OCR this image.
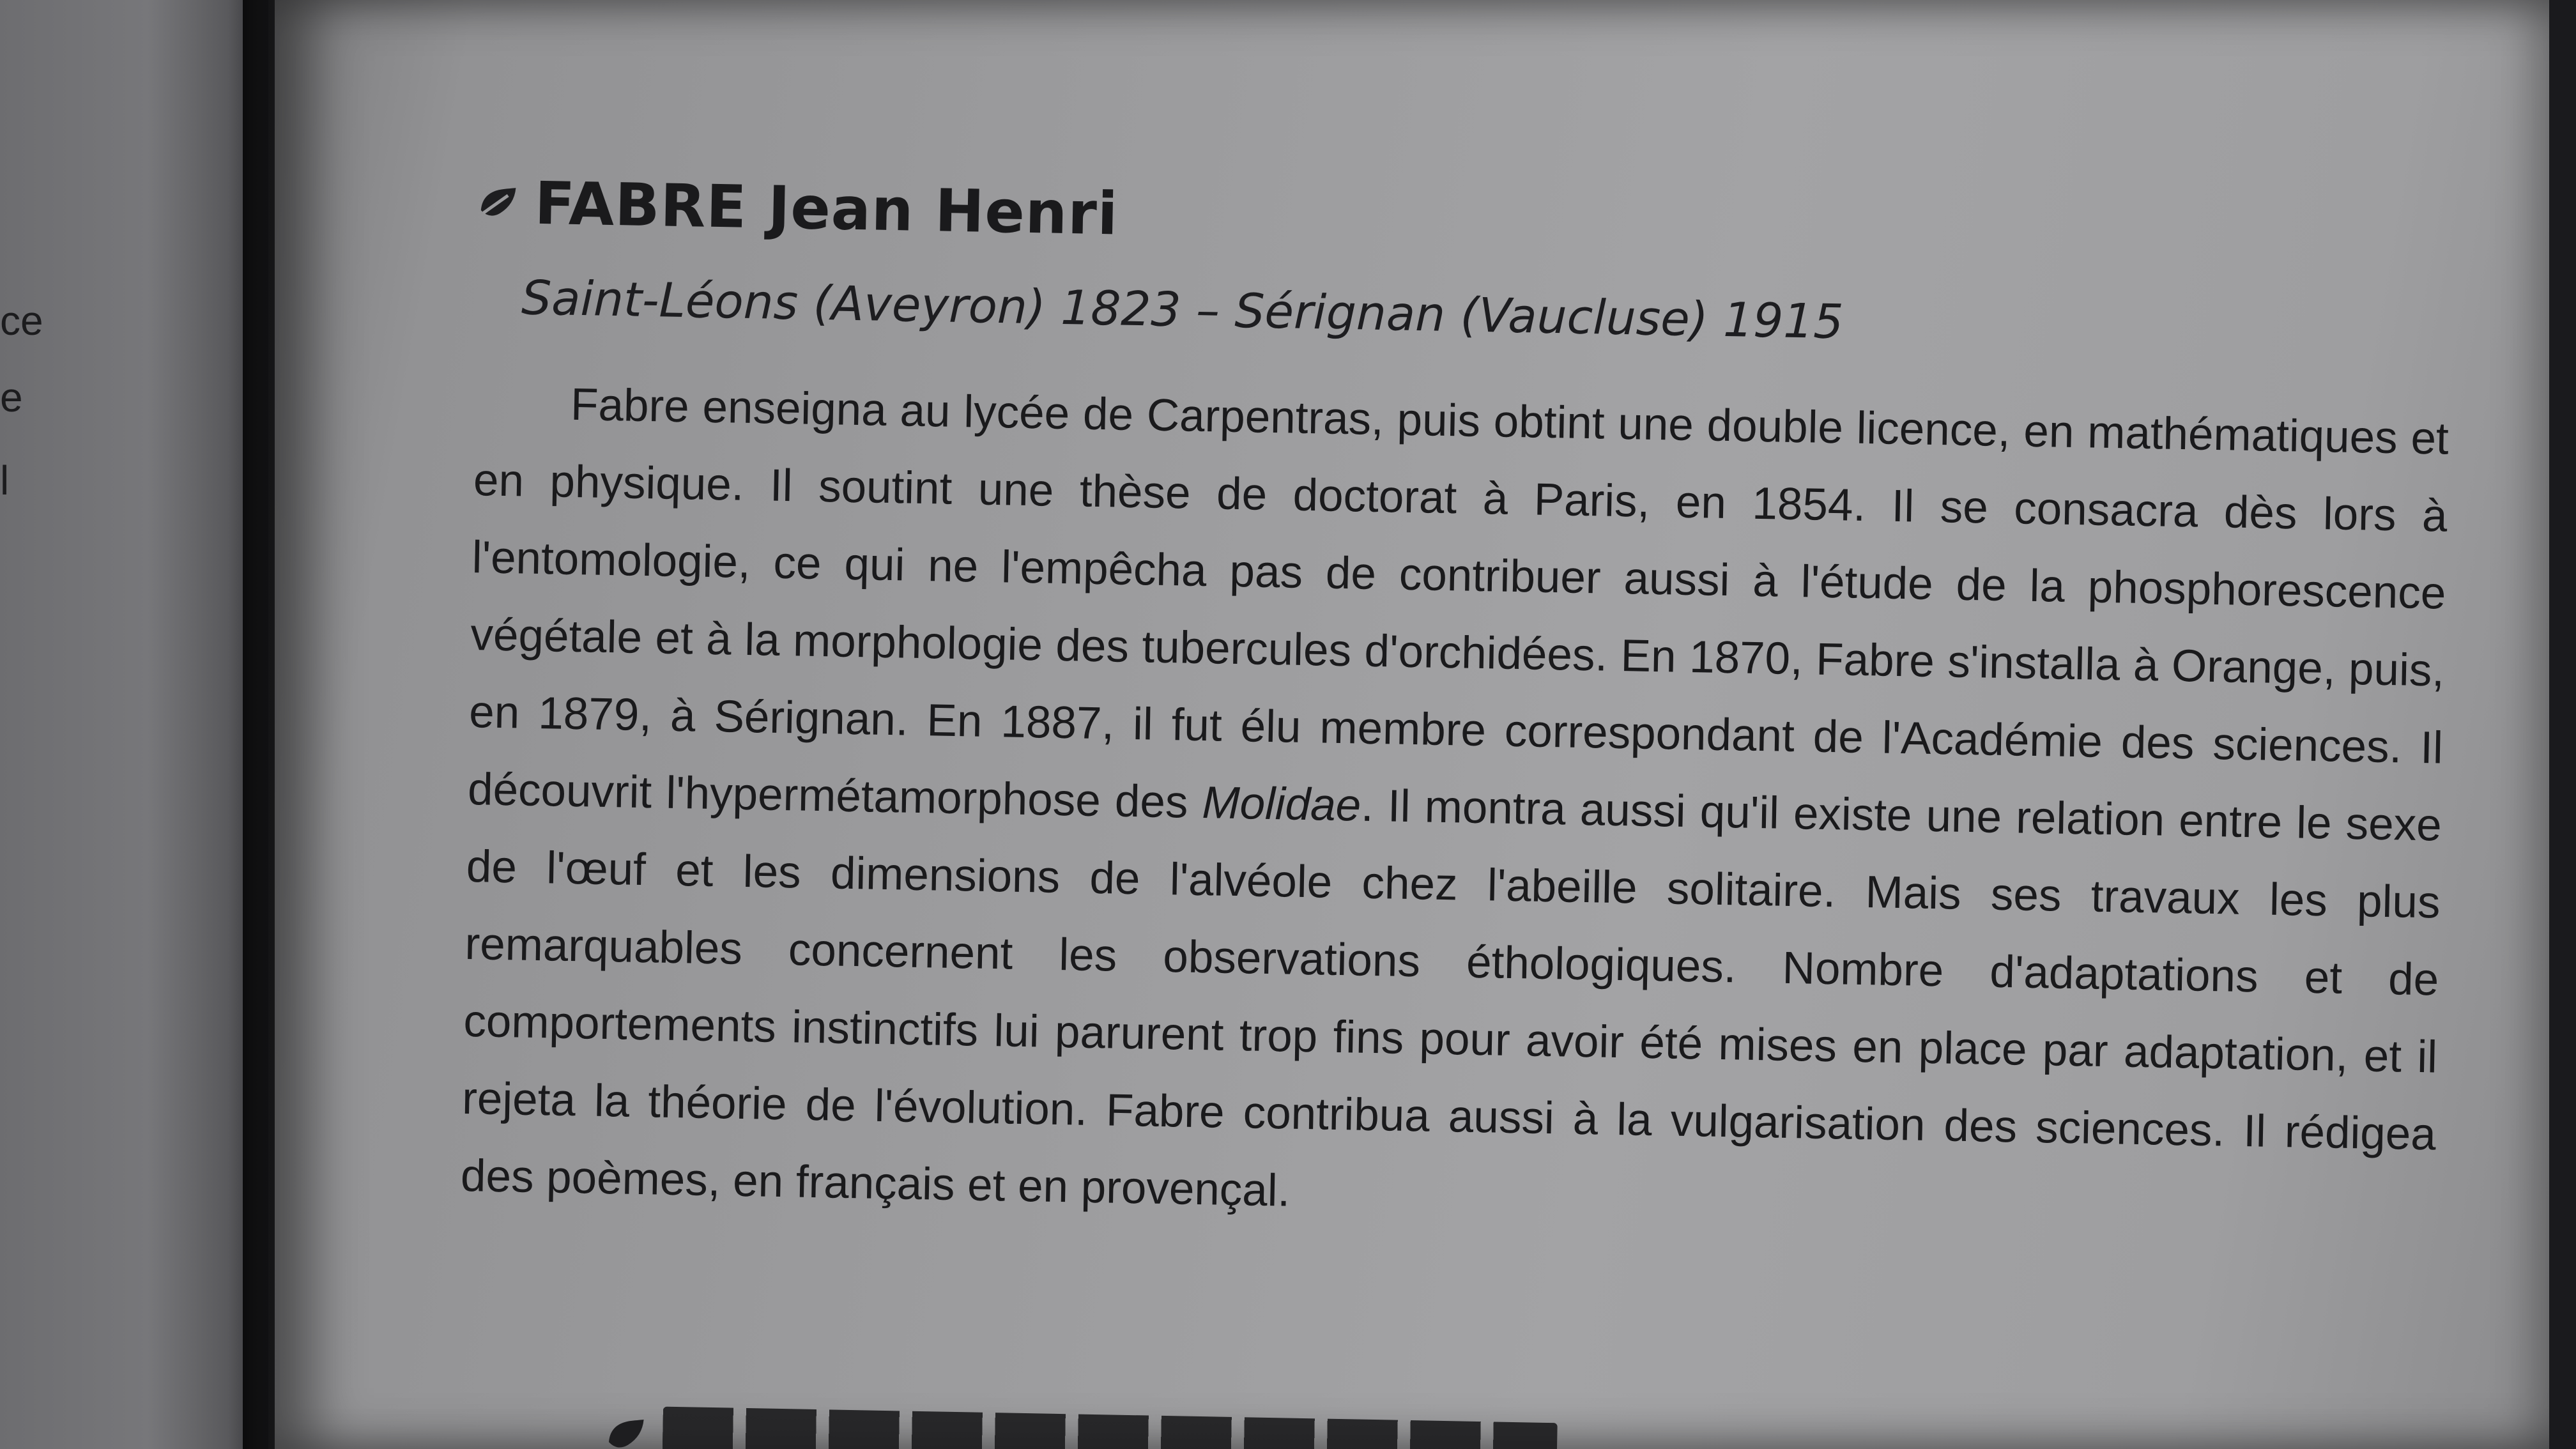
ce
e
l
FABRE Jean Henri
Saint-Léons (Aveyron) 1823 – Sérignan (Vaucluse) 1915

Fabre enseigna au lycée de Carpentras, puis obtint une double licence, en mathématiques et en physique. Il soutint une thèse de doctorat à Paris, en 1854. Il se consacra dès lors à l'entomologie, ce qui ne l'empêcha pas de contribuer aussi à l'étude de la phosphorescence végétale et à la morphologie des tubercules d'orchidées. En 1870, Fabre s'installa à Orange, puis, en 1879, à Sérignan. En 1887, il fut élu membre correspondant de l'Académie des sciences. Il découvrit l'hypermétamorphose des Molidae. Il montra aussi qu'il existe une relation entre le sexe de l'œuf et les dimensions de l'alvéole chez l'abeille solitaire. Mais ses travaux les plus remarquables concernent les observations éthologiques. Nombre d'adaptations et de comportements instinctifs lui parurent trop fins pour avoir été mises en place par adaptation, et il rejeta la théorie de l'évolution. Fabre contribua aussi à la vulgarisation des sciences. Il rédigea des poèmes, en français et en provençal.
